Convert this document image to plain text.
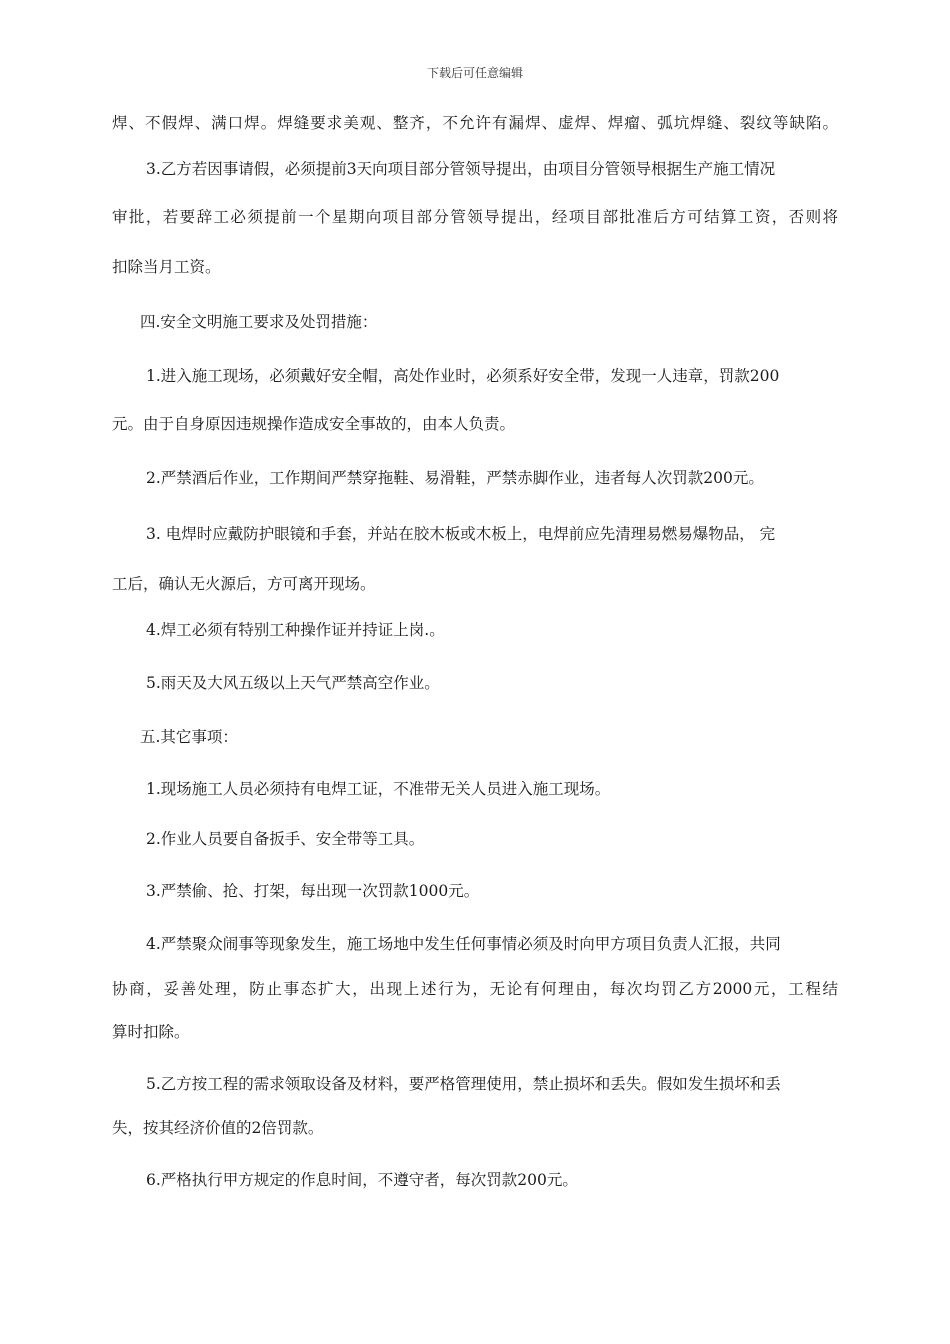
下载后可任意编辑
焊、不假焊、满口焊。焊缝要求美观、整齐，不允许有漏焊、虚焊、焊瘤、弧坑焊缝、裂纹等缺陷。
3.乙方若因事请假，必须提前3天向项目部分管领导提出，由项目分管领导根据生产施工情况
审批，若要辞工必须提前一个星期向项目部分管领导提出，经项目部批准后方可结算工资，否则将
扣除当月工资。
四.安全文明施工要求及处罚措施：
1.进入施工现场，必须戴好安全帽，高处作业时，必须系好安全带，发现一人违章，罚款200
元。由于自身原因违规操作造成安全事故的，由本人负责。
2.严禁酒后作业，工作期间严禁穿拖鞋、易滑鞋，严禁赤脚作业，违者每人次罚款200元。
3. 电焊时应戴防护眼镜和手套，并站在胶木板或木板上，电焊前应先清理易燃易爆物品， 完
工后，确认无火源后，方可离开现场。
4.焊工必须有特别工种操作证并持证上岗.。
5.雨天及大风五级以上天气严禁高空作业。
五.其它事项：
1.现场施工人员必须持有电焊工证，不准带无关人员进入施工现场。
2.作业人员要自备扳手、安全带等工具。
3.严禁偷、抢、打架，每出现一次罚款1000元。
4.严禁聚众闹事等现象发生，施工场地中发生任何事情必须及时向甲方项目负责人汇报，共同
协商，妥善处理，防止事态扩大，出现上述行为，无论有何理由，每次均罚乙方2000元，工程结
算时扣除。
5.乙方按工程的需求领取设备及材料，要严格管理使用，禁止损坏和丢失。假如发生损坏和丢
失，按其经济价值的2倍罚款。
6.严格执行甲方规定的作息时间，不遵守者，每次罚款200元。
